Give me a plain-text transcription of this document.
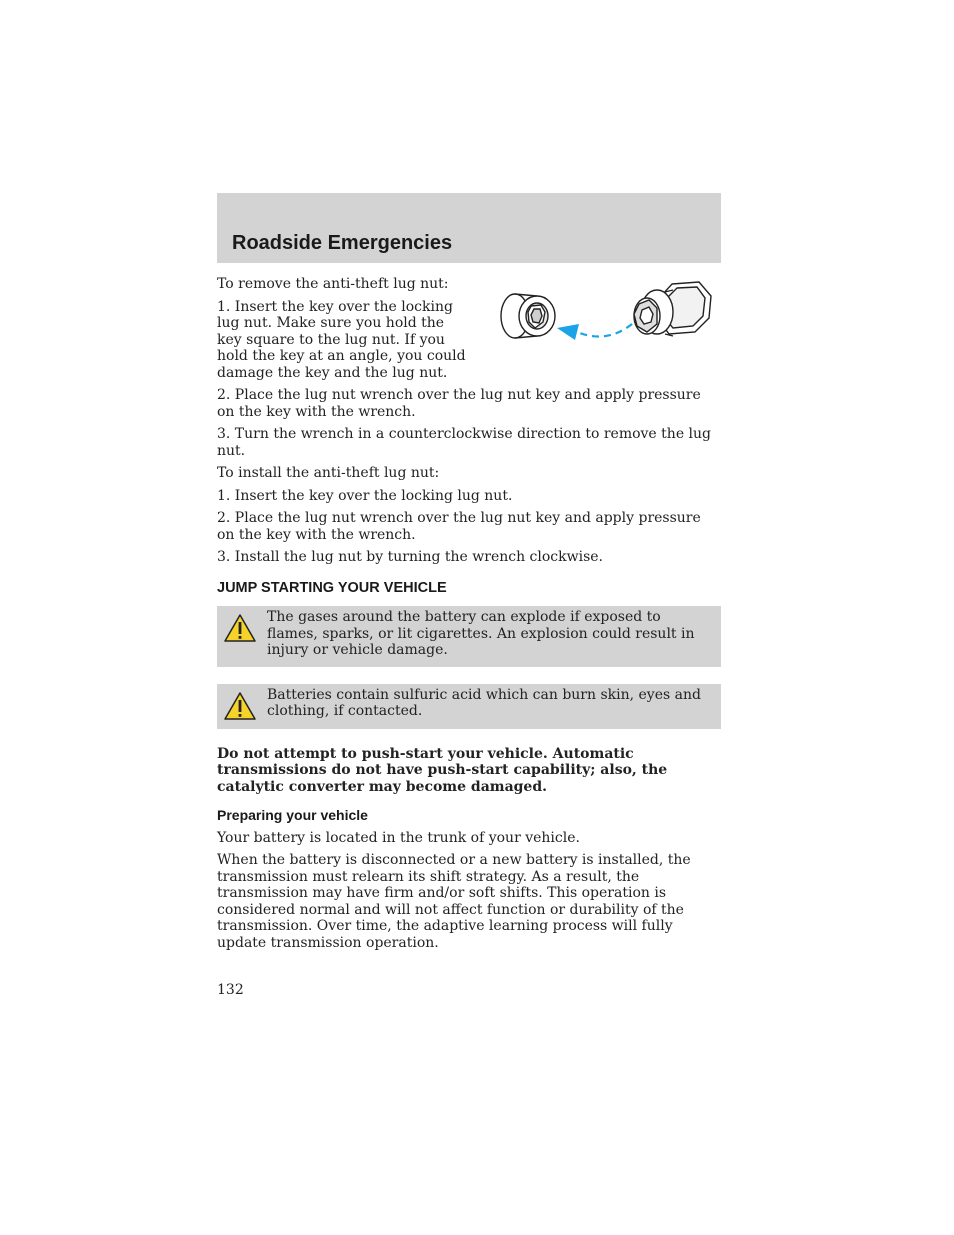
Roadside Emergencies

To remove the anti-theft lug nut:

1. Insert the key over the locking lug nut. Make sure you hold the key square to the lug nut. If you hold the key at an angle, you could damage the key and the lug nut.

2. Place the lug nut wrench over the lug nut key and apply pressure on the key with the wrench.

3. Turn the wrench in a counterclockwise direction to remove the lug nut.

To install the anti-theft lug nut:

1. Insert the key over the locking lug nut.

2. Place the lug nut wrench over the lug nut key and apply pressure on the key with the wrench.

3. Install the lug nut by turning the wrench clockwise.

JUMP STARTING YOUR VEHICLE

The gases around the battery can explode if exposed to flames, sparks, or lit cigarettes. An explosion could result in injury or vehicle damage.

Batteries contain sulfuric acid which can burn skin, eyes and clothing, if contacted.

Do not attempt to push-start your vehicle. Automatic transmissions do not have push-start capability; also, the catalytic converter may become damaged.

Preparing your vehicle

Your battery is located in the trunk of your vehicle.

When the battery is disconnected or a new battery is installed, the transmission must relearn its shift strategy. As a result, the transmission may have firm and/or soft shifts. This operation is considered normal and will not affect function or durability of the transmission. Over time, the adaptive learning process will fully update transmission operation.

132
